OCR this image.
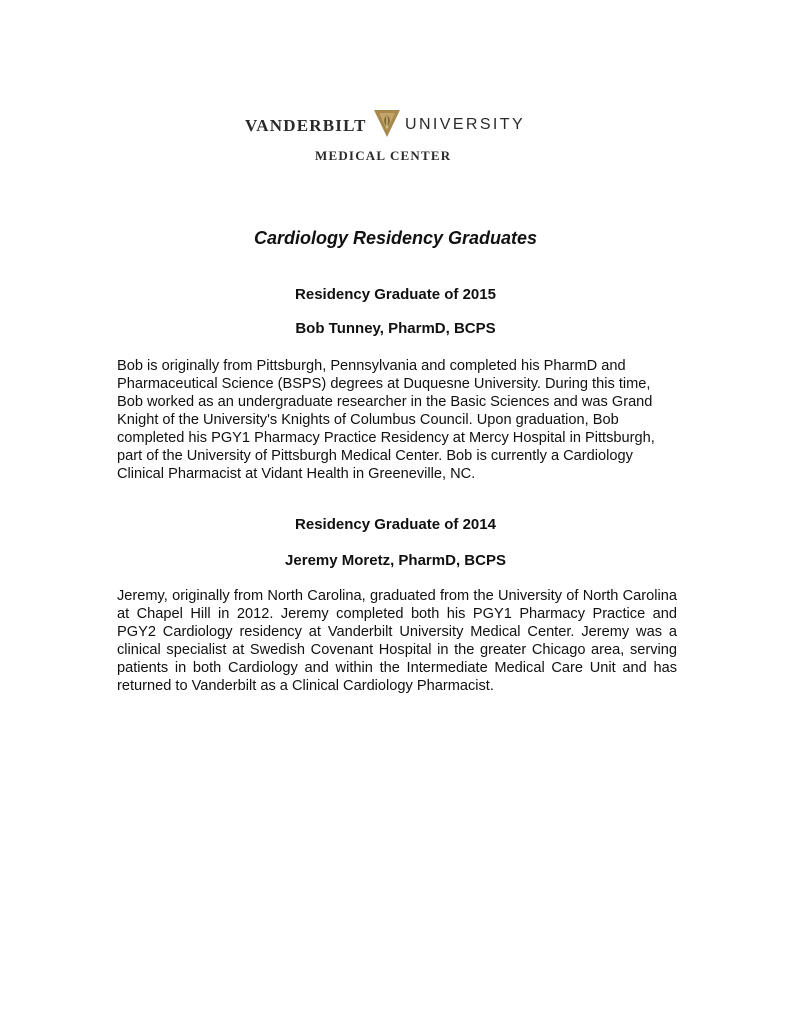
VANDERBILT UNIVERSITY
MEDICAL CENTER
Cardiology Residency Graduates
Residency Graduate of 2015
Bob Tunney, PharmD, BCPS
Bob is originally from Pittsburgh, Pennsylvania and completed his PharmD and Pharmaceutical Science (BSPS) degrees at Duquesne University. During this time, Bob worked as an undergraduate researcher in the Basic Sciences and was Grand Knight of the University's Knights of Columbus Council. Upon graduation, Bob completed his PGY1 Pharmacy Practice Residency at Mercy Hospital in Pittsburgh, part of the University of Pittsburgh Medical Center. Bob is currently a Cardiology Clinical Pharmacist at Vidant Health in Greeneville, NC.
Residency Graduate of 2014
Jeremy Moretz, PharmD, BCPS
Jeremy, originally from North Carolina, graduated from the University of North Carolina at Chapel Hill in 2012. Jeremy completed both his PGY1 Pharmacy Practice and PGY2 Cardiology residency at Vanderbilt University Medical Center. Jeremy was a clinical specialist at Swedish Covenant Hospital in the greater Chicago area, serving patients in both Cardiology and within the Intermediate Medical Care Unit and has returned to Vanderbilt as a Clinical Cardiology Pharmacist.
